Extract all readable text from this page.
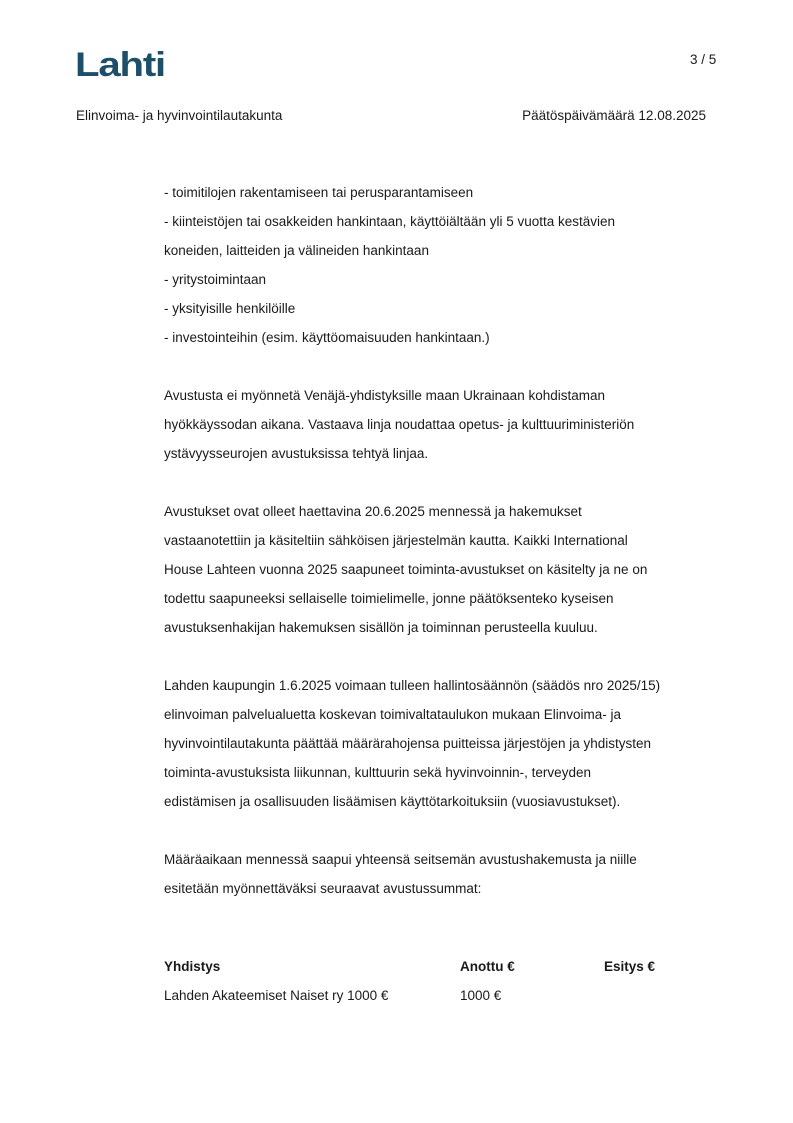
Lahti	3 / 5
Elinvoima- ja hyvinvointilautakunta	Päätöspäivämäärä 12.08.2025

- toimitilojen rakentamiseen tai perusparantamiseen

- kiinteistöjen tai osakkeiden hankintaan, käyttöiältään yli 5 vuotta kestävien

koneiden, laitteiden ja välineiden hankintaan

- yritystoimintaan

- yksityisille henkilöille

- investointeihin (esim. käyttöomaisuuden hankintaan.)

Avustusta ei myönnetä Venäjä-yhdistyksille maan Ukrainaan kohdistaman

hyökkäyssodan aikana. Vastaava linja noudattaa opetus- ja kulttuuriministeriön

ystävyysseurojen avustuksissa tehtyä linjaa.

Avustukset ovat olleet haettavina 20.6.2025 mennessä ja hakemukset

vastaanotettiin ja käsiteltiin sähköisen järjestelmän kautta. Kaikki International

House Lahteen vuonna 2025 saapuneet toiminta-avustukset on käsitelty ja ne on

todettu saapuneeksi sellaiselle toimielimelle, jonne päätöksenteko kyseisen

avustuksenhakijan hakemuksen sisällön ja toiminnan perusteella kuuluu.

Lahden kaupungin 1.6.2025 voimaan tulleen hallintosäännön (säädös nro 2025/15)

elinvoiman palvelualuetta koskevan toimivaltataulukon mukaan Elinvoima- ja

hyvinvointilautakunta päättää määrärahojensa puitteissa järjestöjen ja yhdistysten

toiminta-avustuksista liikunnan, kulttuurin sekä hyvinvoinnin-, terveyden

edistämisen ja osallisuuden lisäämisen käyttötarkoituksiin (vuosiavustukset).

Määräaikaan mennessä saapui yhteensä seitsemän avustushakemusta ja niille

esitetään myönnettäväksi seuraavat avustussummat:

Yhdistys	Anottu €	Esitys €
Lahden Akateemiset Naiset ry 1000 €	1000 €	
